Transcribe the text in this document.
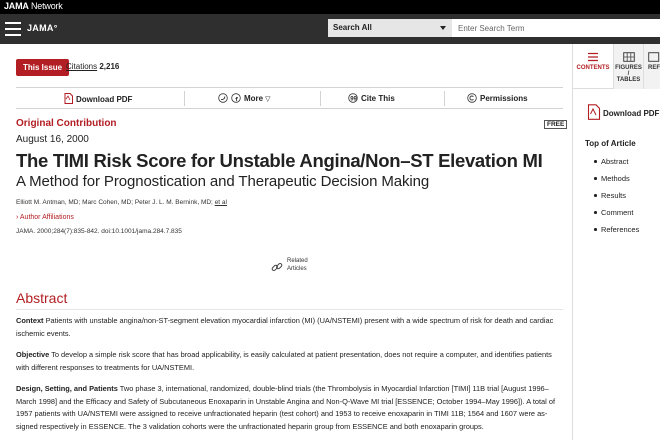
JAMA Network
JAMA°	Search All
Enter Search Term
This Issue Citations 2,216
Download PDF	More ▽	99 Cite This	Permissions
Original Contribution	FREE
August 16, 2000
The TIMI Risk Score for Unstable Angina/Non–ST Elevation MI
A Method for Prognostication and Therapeutic Decision Making
Elliott M. Antman, MD; Marc Cohen, MD; Peter J. L. M. Bernink, MD; et al
› Author Affiliations
JAMA. 2000;284(7):835-842. doi:10.1001/jama.284.7.835
Related
Articles
Abstract
Context Patients with unstable angina/non-ST-segment elevation myocardial infarction (MI) (UA/NSTEMI) present with a wide spectrum of risk for death and cardiac ischemic events.
Objective To develop a simple risk score that has broad applicability, is easily calculated at patient presentation, does not require a computer, and identifies patients with different responses to treatments for UA/NSTEMI.
Design, Setting, and Patients Two phase 3, international, randomized, double-blind trials (the Thrombolysis in Myocardial Infarction [TIMI] 11B trial [August 1996–March 1998] and the Efficacy and Safety of Subcutaneous Enoxaparin in Unstable Angina and Non-Q-Wave MI trial [ESSENCE; October 1994–May 1996]). A total of 1957 patients with UA/NSTEMI were assigned to receive unfractionated heparin (test cohort) and 1953 to receive enoxaparin in TIMI 11B; 1564 and 1607 were as-signed respectively in ESSENCE. The 3 validation cohorts were the unfractionated heparin group from ESSENCE and both enoxaparin groups.
CONTENTS FIGURES /
TABLES
REF
Download PDF
Top of Article
Abstract
Methods
Results
Comment
References
